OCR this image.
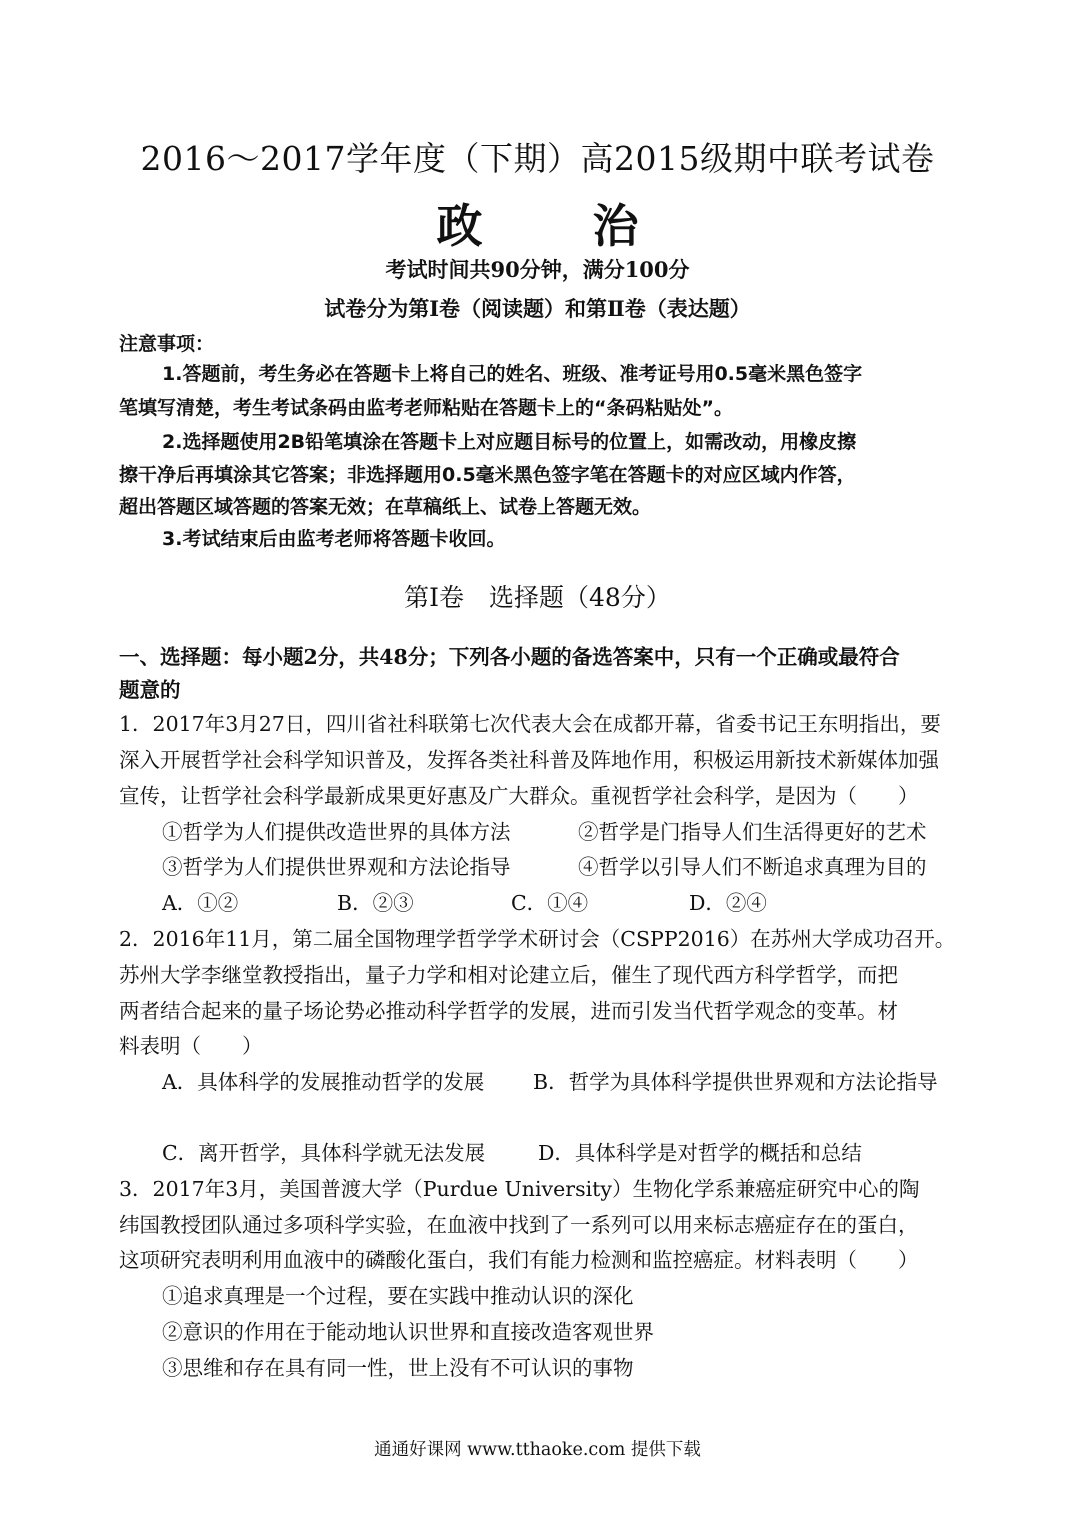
2016～2017学年度（下期）高2015级期中联考试卷
政 治
考试时间共90分钟，满分100分
试卷分为第Ⅰ卷（阅读题）和第Ⅱ卷（表达题）
注意事项：
1.答题前，考生务必在答题卡上将自己的姓名、班级、准考证号用0.5毫米黑色签字
笔填写清楚，考生考试条码由监考老师粘贴在答题卡上的“条码粘贴处”。
2.选择题使用2B铅笔填涂在答题卡上对应题目标号的位置上，如需改动，用橡皮擦
擦干净后再填涂其它答案；非选择题用0.5毫米黑色签字笔在答题卡的对应区域内作答，
超出答题区域答题的答案无效；在草稿纸上、试卷上答题无效。
3.考试结束后由监考老师将答题卡收回。
第Ⅰ卷　选择题（48分）
一、选择题：每小题2分，共48分；下列各小题的备选答案中，只有一个正确或最符合
题意的
1．2017年3月27日，四川省社科联第七次代表大会在成都开幕，省委书记王东明指出，要
深入开展哲学社会科学知识普及，发挥各类社科普及阵地作用，积极运用新技术新媒体加强
宣传，让哲学社会科学最新成果更好惠及广大群众。重视哲学社会科学，是因为（　　）
①哲学为人们提供改造世界的具体方法	②哲学是门指导人们生活得更好的艺术
③哲学为人们提供世界观和方法论指导	④哲学以引导人们不断追求真理为目的
A．①②	B．②③	C．①④	D．②④
2．2016年11月，第二届全国物理学哲学学术研讨会（CSPP2016）在苏州大学成功召开。
苏州大学李继堂教授指出，量子力学和相对论建立后，催生了现代西方科学哲学，而把
两者结合起来的量子场论势必推动科学哲学的发展，进而引发当代哲学观念的变革。材
料表明（　　）
A．具体科学的发展推动哲学的发展 B．哲学为具体科学提供世界观和方法论指导
C．离开哲学，具体科学就无法发展	D．具体科学是对哲学的概括和总结
3．2017年3月，美国普渡大学（Purdue University）生物化学系兼癌症研究中心的陶
纬国教授团队通过多项科学实验，在血液中找到了一系列可以用来标志癌症存在的蛋白，
这项研究表明利用血液中的磷酸化蛋白，我们有能力检测和监控癌症。材料表明（　　）
①追求真理是一个过程，要在实践中推动认识的深化
②意识的作用在于能动地认识世界和直接改造客观世界
③思维和存在具有同一性，世上没有不可认识的事物
通通好课网 www.tthaoke.com 提供下载
